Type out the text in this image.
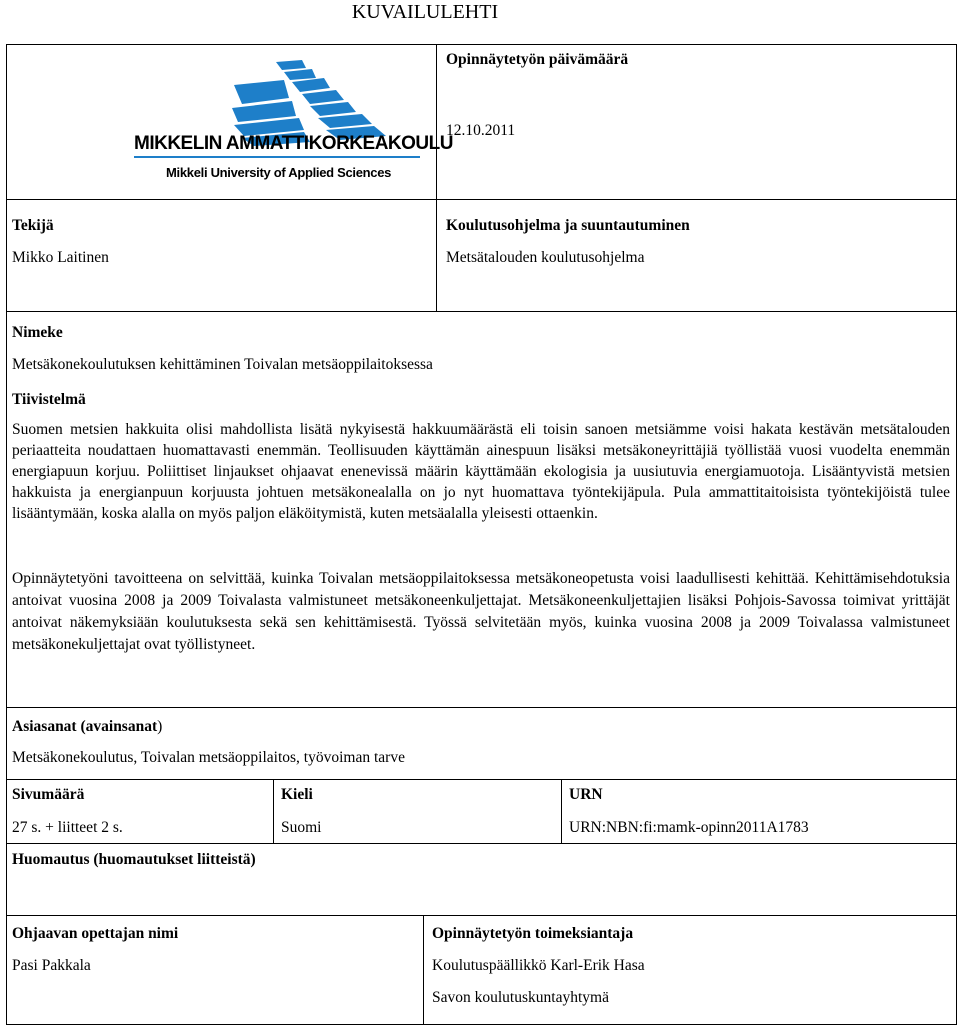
KUVAILULEHTI
MIKKELIN AMMATTIKORKEAKOULU
Mikkeli University of Applied Sciences
Opinnäytetyön päivämäärä
12.10.2011
Tekijä
Mikko Laitinen
Koulutusohjelma ja suuntautuminen
Metsätalouden koulutusohjelma
Nimeke
Metsäkonekoulutuksen kehittäminen Toivalan metsäoppilaitoksessa
Tiivistelmä
Suomen metsien hakkuita olisi mahdollista lisätä nykyisestä hakkuumäärästä eli toisin sanoen metsiämme voisi hakata kestävän metsätalouden periaatteita noudattaen huomattavasti enemmän. Teollisuuden käyttämän ainespuun lisäksi metsäkoneyrittäjiä työllistää vuosi vuodelta enemmän energiapuun korjuu. Poliittiset linjaukset ohjaavat enenevissä määrin käyttämään ekologisia ja uusiutuvia energiamuotoja. Lisääntyvistä metsien hakkuista ja energianpuun korjuusta johtuen metsäkonealalla on jo nyt huomattava työntekijäpula. Pula ammattitaitoisista työntekijöistä tulee lisääntymään, koska alalla on myös paljon eläköitymistä, kuten metsäalalla yleisesti ottaenkin.
Opinnäytetyöni tavoitteena on selvittää, kuinka Toivalan metsäoppilaitoksessa metsäkoneopetusta voisi laadullisesti kehittää. Kehittämisehdotuksia antoivat vuosina 2008 ja 2009 Toivalasta valmistuneet metsäkoneenkuljettajat. Metsäkoneenkuljettajien lisäksi Pohjois-Savossa toimivat yrittäjät antoivat näkemyksiään koulutuksesta sekä sen kehittämisestä. Työssä selvitetään myös, kuinka vuosina 2008 ja 2009 Toivalassa valmistuneet metsäkonekuljettajat ovat työllistyneet.
Asiasanat (avainsanat)
Metsäkonekoulutus, Toivalan metsäoppilaitos, työvoiman tarve
Sivumäärä
27 s. + liitteet 2 s.
Kieli
Suomi
URN
URN:NBN:fi:mamk-opinn2011A1783
Huomautus (huomautukset liitteistä)
Ohjaavan opettajan nimi
Pasi Pakkala
Opinnäytetyön toimeksiantaja
Koulutuspäällikkö Karl-Erik Hasa
Savon koulutuskuntayhtymä
